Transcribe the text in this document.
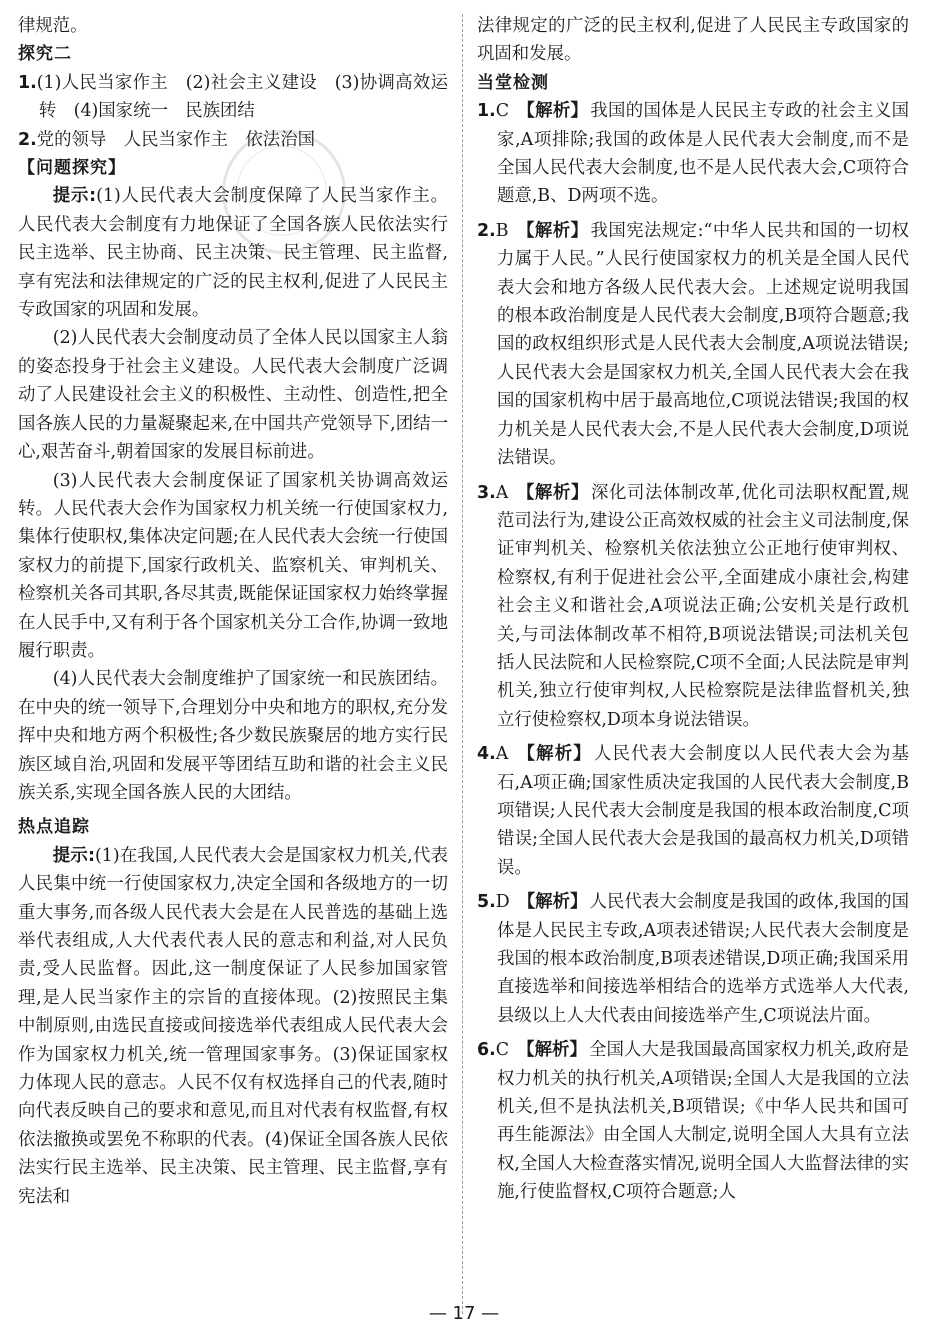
律规范。

探究二

1.(1)人民当家作主　(2)社会主义建设　(3)协调高效运转　(4)国家统一　民族团结

2.党的领导　人民当家作主　依法治国

【问题探究】

提示:(1)人民代表大会制度保障了人民当家作主。人民代表大会制度有力地保证了全国各族人民依法实行民主选举、民主协商、民主决策、民主管理、民主监督,享有宪法和法律规定的广泛的民主权利,促进了人民民主专政国家的巩固和发展。

(2)人民代表大会制度动员了全体人民以国家主人翁的姿态投身于社会主义建设。人民代表大会制度广泛调动了人民建设社会主义的积极性、主动性、创造性,把全国各族人民的力量凝聚起来,在中国共产党领导下,团结一心,艰苦奋斗,朝着国家的发展目标前进。

(3)人民代表大会制度保证了国家机关协调高效运转。人民代表大会作为国家权力机关统一行使国家权力,集体行使职权,集体决定问题;在人民代表大会统一行使国家权力的前提下,国家行政机关、监察机关、审判机关、检察机关各司其职,各尽其责,既能保证国家权力始终掌握在人民手中,又有利于各个国家机关分工合作,协调一致地履行职责。

(4)人民代表大会制度维护了国家统一和民族团结。在中央的统一领导下,合理划分中央和地方的职权,充分发挥中央和地方两个积极性;各少数民族聚居的地方实行民族区域自治,巩固和发展平等团结互助和谐的社会主义民族关系,实现全国各族人民的大团结。

热点追踪

提示:(1)在我国,人民代表大会是国家权力机关,代表人民集中统一行使国家权力,决定全国和各级地方的一切重大事务,而各级人民代表大会是在人民普选的基础上选举代表组成,人大代表代表人民的意志和利益,对人民负责,受人民监督。因此,这一制度保证了人民参加国家管理,是人民当家作主的宗旨的直接体现。(2)按照民主集中制原则,由选民直接或间接选举代表组成人民代表大会作为国家权力机关,统一管理国家事务。(3)保证国家权力体现人民的意志。人民不仅有权选择自己的代表,随时向代表反映自己的要求和意见,而且对代表有权监督,有权依法撤换或罢免不称职的代表。(4)保证全国各族人民依法实行民主选举、民主决策、民主管理、民主监督,享有宪法和

法律规定的广泛的民主权利,促进了人民民主专政国家的巩固和发展。

当堂检测

1.C 【解析】 我国的国体是人民民主专政的社会主义国家,A项排除;我国的政体是人民代表大会制度,而不是全国人民代表大会制度,也不是人民代表大会,C项符合题意,B、D两项不选。

2.B 【解析】 我国宪法规定:“中华人民共和国的一切权力属于人民。”人民行使国家权力的机关是全国人民代表大会和地方各级人民代表大会。上述规定说明我国的根本政治制度是人民代表大会制度,B项符合题意;我国的政权组织形式是人民代表大会制度,A项说法错误;人民代表大会是国家权力机关,全国人民代表大会在我国的国家机构中居于最高地位,C项说法错误;我国的权力机关是人民代表大会,不是人民代表大会制度,D项说法错误。

3.A 【解析】 深化司法体制改革,优化司法职权配置,规范司法行为,建设公正高效权威的社会主义司法制度,保证审判机关、检察机关依法独立公正地行使审判权、检察权,有利于促进社会公平,全面建成小康社会,构建社会主义和谐社会,A项说法正确;公安机关是行政机关,与司法体制改革不相符,B项说法错误;司法机关包括人民法院和人民检察院,C项不全面;人民法院是审判机关,独立行使审判权,人民检察院是法律监督机关,独立行使检察权,D项本身说法错误。

4.A 【解析】 人民代表大会制度以人民代表大会为基石,A项正确;国家性质决定我国的人民代表大会制度,B项错误;人民代表大会制度是我国的根本政治制度,C项错误;全国人民代表大会是我国的最高权力机关,D项错误。

5.D 【解析】 人民代表大会制度是我国的政体,我国的国体是人民民主专政,A项表述错误;人民代表大会制度是我国的根本政治制度,B项表述错误,D项正确;我国采用直接选举和间接选举相结合的选举方式选举人大代表,县级以上人大代表由间接选举产生,C项说法片面。

6.C 【解析】 全国人大是我国最高国家权力机关,政府是权力机关的执行机关,A项错误;全国人大是我国的立法机关,但不是执法机关,B项错误;《中华人民共和国可再生能源法》由全国人大制定,说明全国人大具有立法权,全国人大检查落实情况,说明全国人大监督法律的实施,行使监督权,C项符合题意;人

— 17 —
